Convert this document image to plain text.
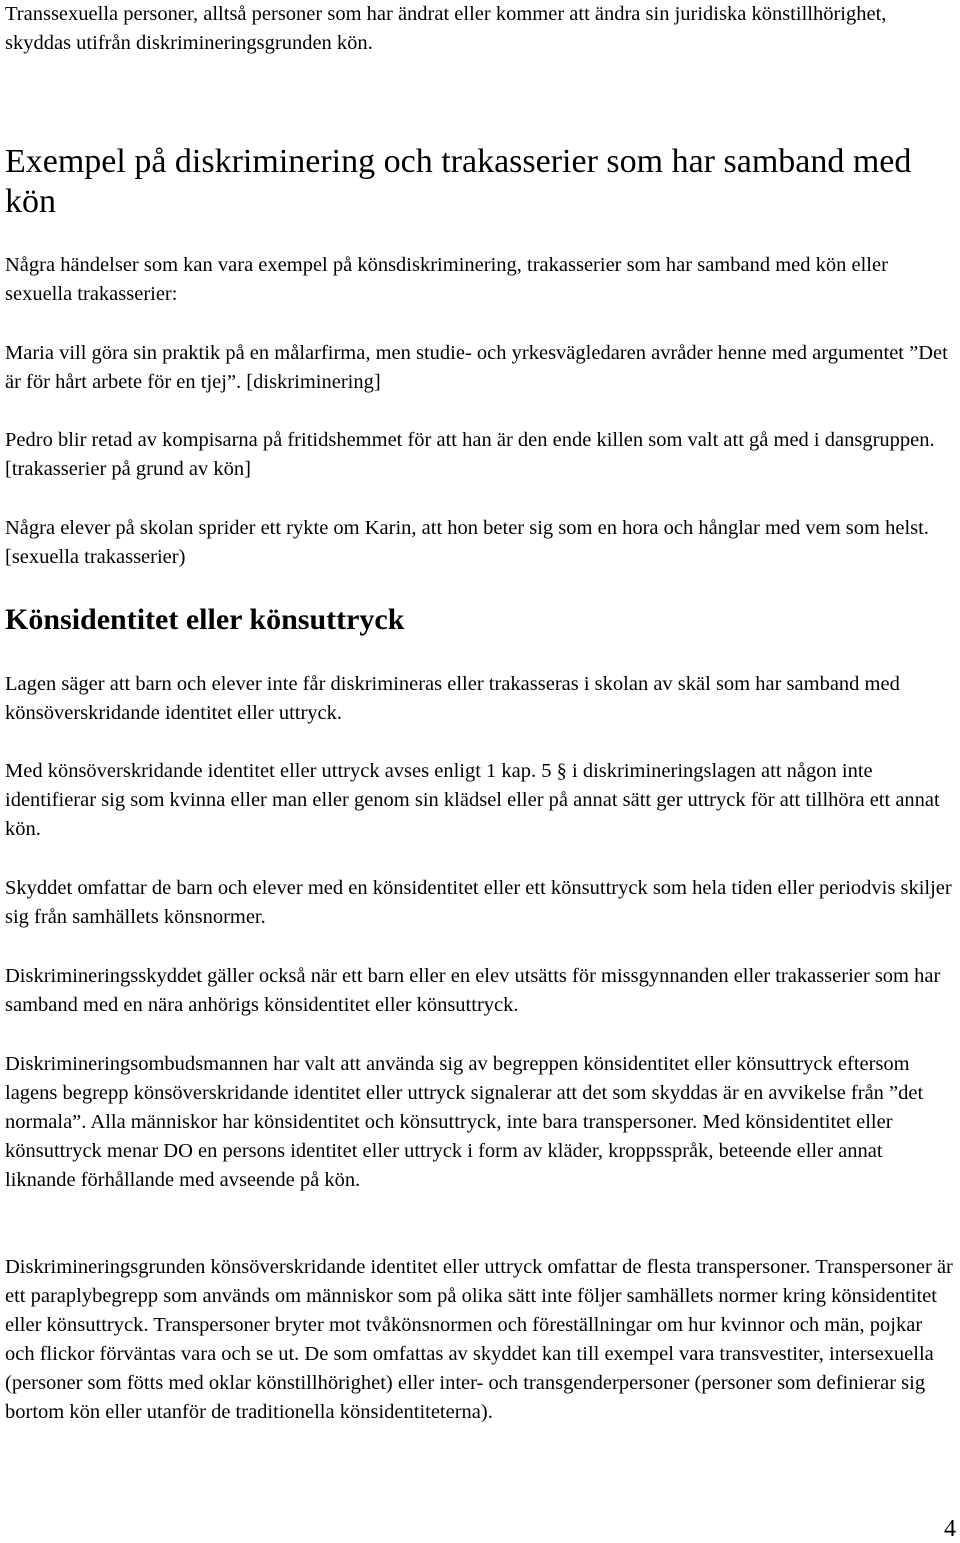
Transsexuella personer, alltså personer som har ändrat eller kommer att ändra sin juridiska könstillhörighet, skyddas utifrån diskrimineringsgrunden kön.

Exempel på diskriminering och trakasserier som har samband med kön

Några händelser som kan vara exempel på könsdiskriminering, trakasserier som har samband med kön eller sexuella trakasserier:

Maria vill göra sin praktik på en målarfirma, men studie- och yrkesvägledaren avråder henne med argumentet ”Det är för hårt arbete för en tjej”. [diskriminering]

Pedro blir retad av kompisarna på fritidshemmet för att han är den ende killen som valt att gå med i dansgruppen. [trakasserier på grund av kön]

Några elever på skolan sprider ett rykte om Karin, att hon beter sig som en hora och hånglar med vem som helst. [sexuella trakasserier)

Könsidentitet eller könsuttryck

Lagen säger att barn och elever inte får diskrimineras eller trakasseras i skolan av skäl som har samband med könsöverskridande identitet eller uttryck.

Med könsöverskridande identitet eller uttryck avses enligt 1 kap. 5 § i diskrimineringslagen att någon inte identifierar sig som kvinna eller man eller genom sin klädsel eller på annat sätt ger uttryck för att tillhöra ett annat kön.

Skyddet omfattar de barn och elever med en könsidentitet eller ett könsuttryck som hela tiden eller periodvis skiljer sig från samhällets könsnormer.

Diskrimineringsskyddet gäller också när ett barn eller en elev utsätts för missgynnanden eller trakasserier som har samband med en nära anhörigs könsidentitet eller könsuttryck.

Diskrimineringsombudsmannen har valt att använda sig av begreppen könsidentitet eller könsuttryck eftersom lagens begrepp könsöverskridande identitet eller uttryck signalerar att det som skyddas är en avvikelse från ”det normala”. Alla människor har könsidentitet och könsuttryck, inte bara transpersoner. Med könsidentitet eller könsuttryck menar DO en persons identitet eller uttryck i form av kläder, kroppsspråk, beteende eller annat liknande förhållande med avseende på kön.

Diskrimineringsgrunden könsöverskridande identitet eller uttryck omfattar de flesta transpersoner. Transpersoner är ett paraplybegrepp som används om människor som på olika sätt inte följer samhällets normer kring könsidentitet eller könsuttryck. Transpersoner bryter mot tvåkönsnormen och föreställningar om hur kvinnor och män, pojkar och flickor förväntas vara och se ut. De som omfattas av skyddet kan till exempel vara transvestiter, intersexuella (personer som fötts med oklar könstillhörighet) eller inter- och transgenderpersoner (personer som definierar sig bortom kön eller utanför de traditionella könsidentiteterna).

4
